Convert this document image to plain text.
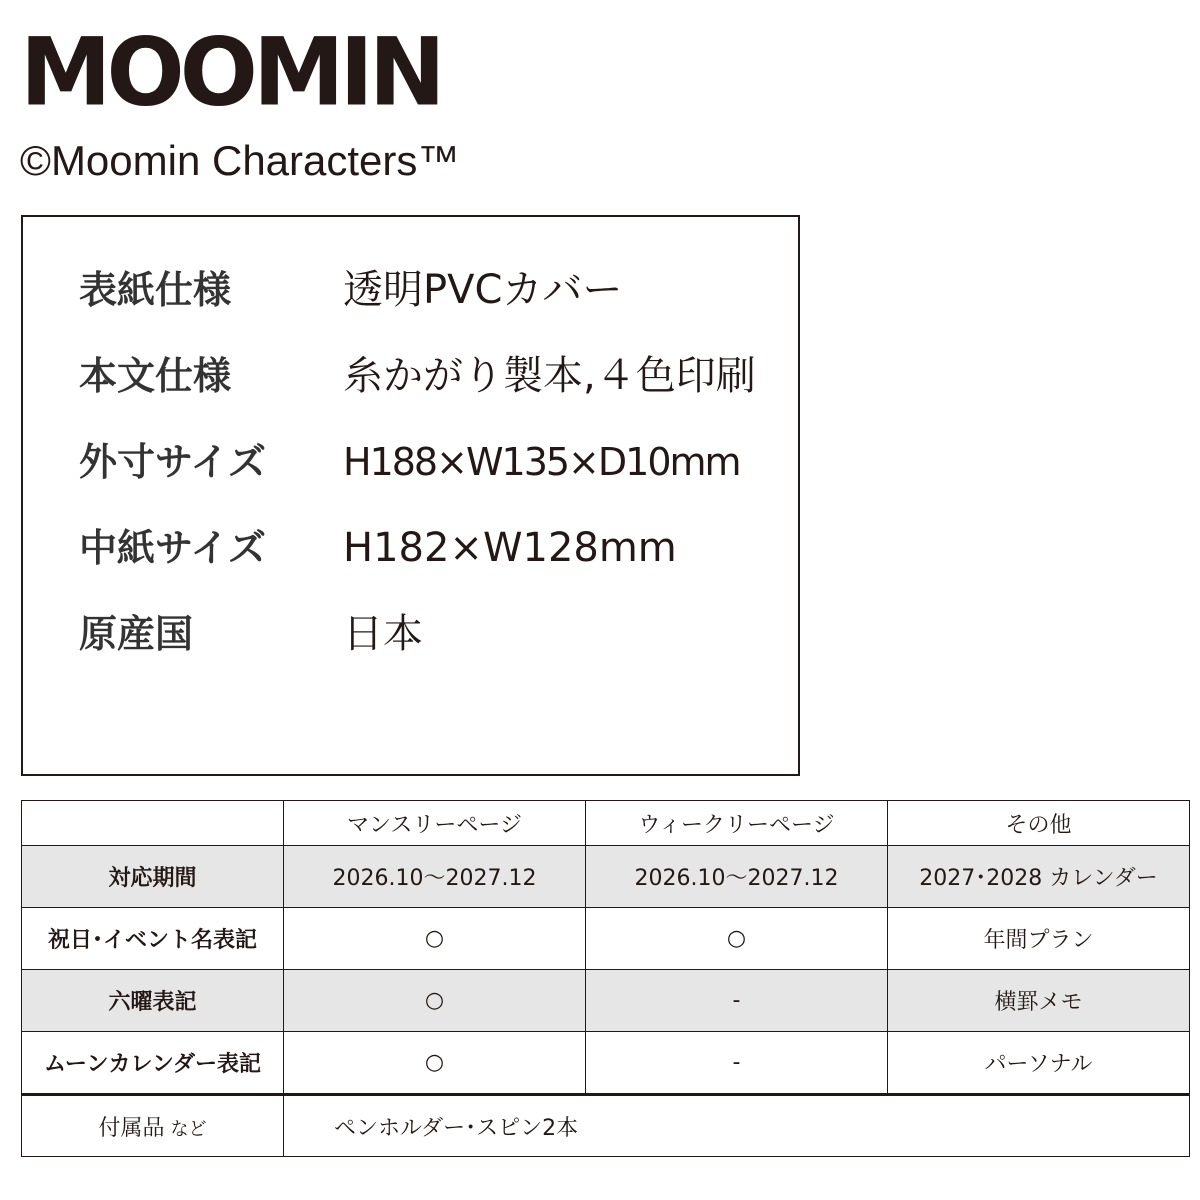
MOOMIN
©Moomin Characters™
表紙仕様	透明PVCカバー
本文仕様	糸かがり製本,４色印刷
外寸サイズ H188×W135×D10mm
中紙サイズ H182×W128mm
原産国	日本
	マンスリーページ	ウィークリーページ	その他
対応期間	2026.10〜2027.12	2026.10〜2027.12	2027･2028 カレンダー
祝日･イベント名表記	○	○	年間プラン
六曜表記	○	-	横罫メモ
ムーンカレンダー表記	○	-	パーソナル
付属品 など	ペンホルダー･スピン2本		
